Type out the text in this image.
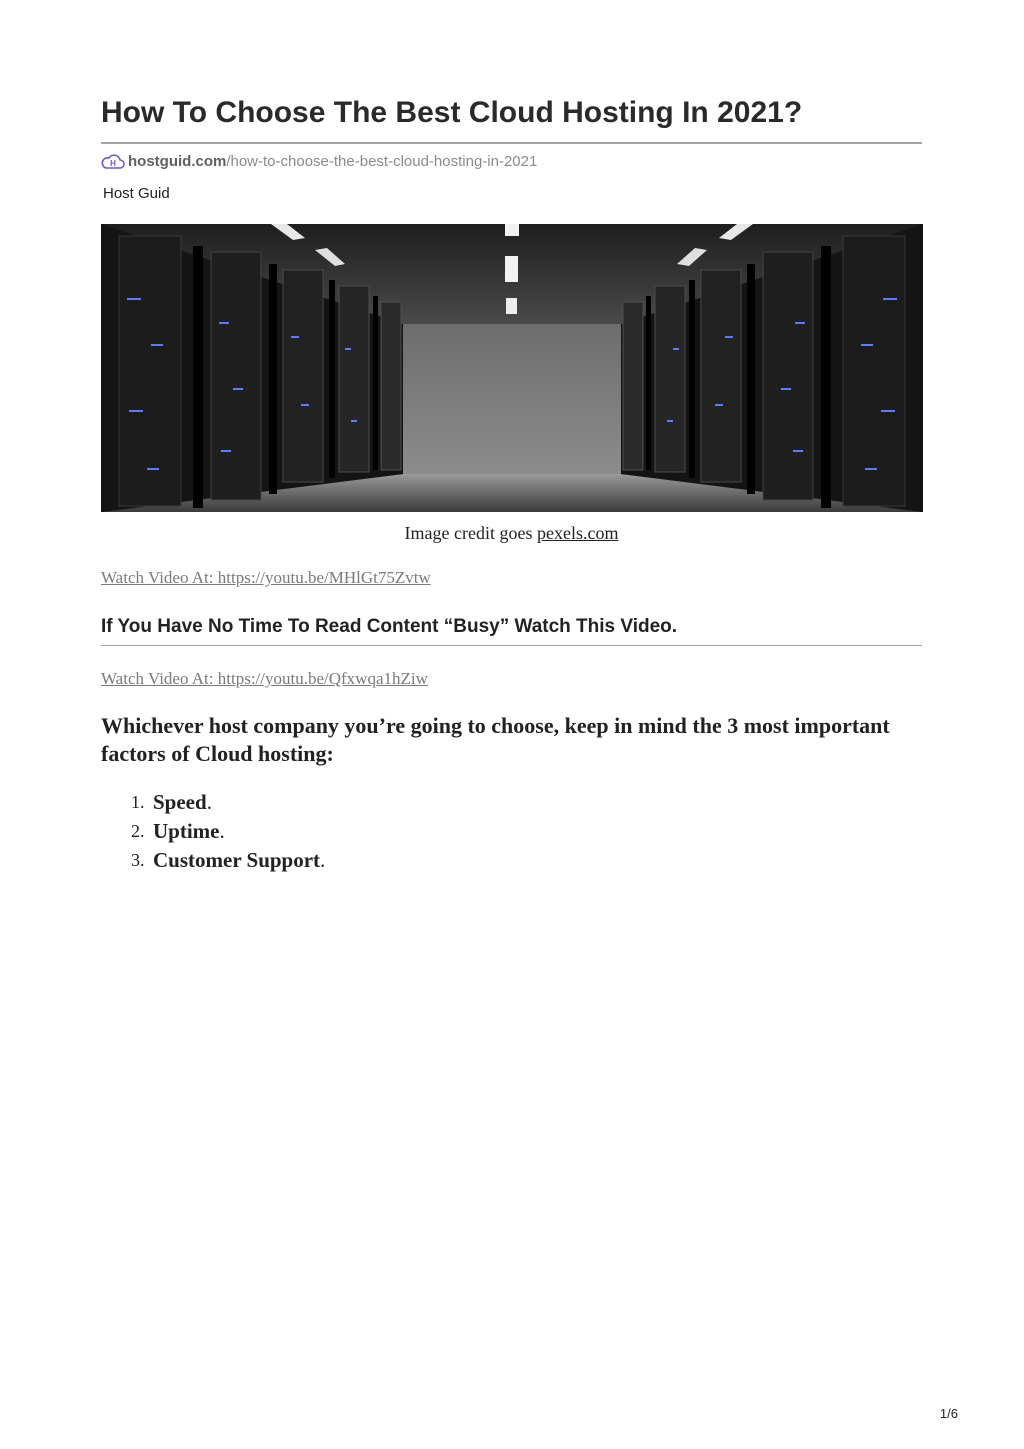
How To Choose The Best Cloud Hosting In 2021?
H hostguid.com /how-to-choose-the-best-cloud-hosting-in-2021
Host Guid
Image credit goes pexels.com
Watch Video At: https://youtu.be/MHlGt75Zvtw
If You Have No Time To Read Content “Busy” Watch This Video.
Watch Video At: https://youtu.be/Qfxwqa1hZiw

Whichever host company you’re going to choose, keep in mind the 3 most important factors of Cloud hosting:

1. Speed.
2. Uptime.
3. Customer Support.
1/6
